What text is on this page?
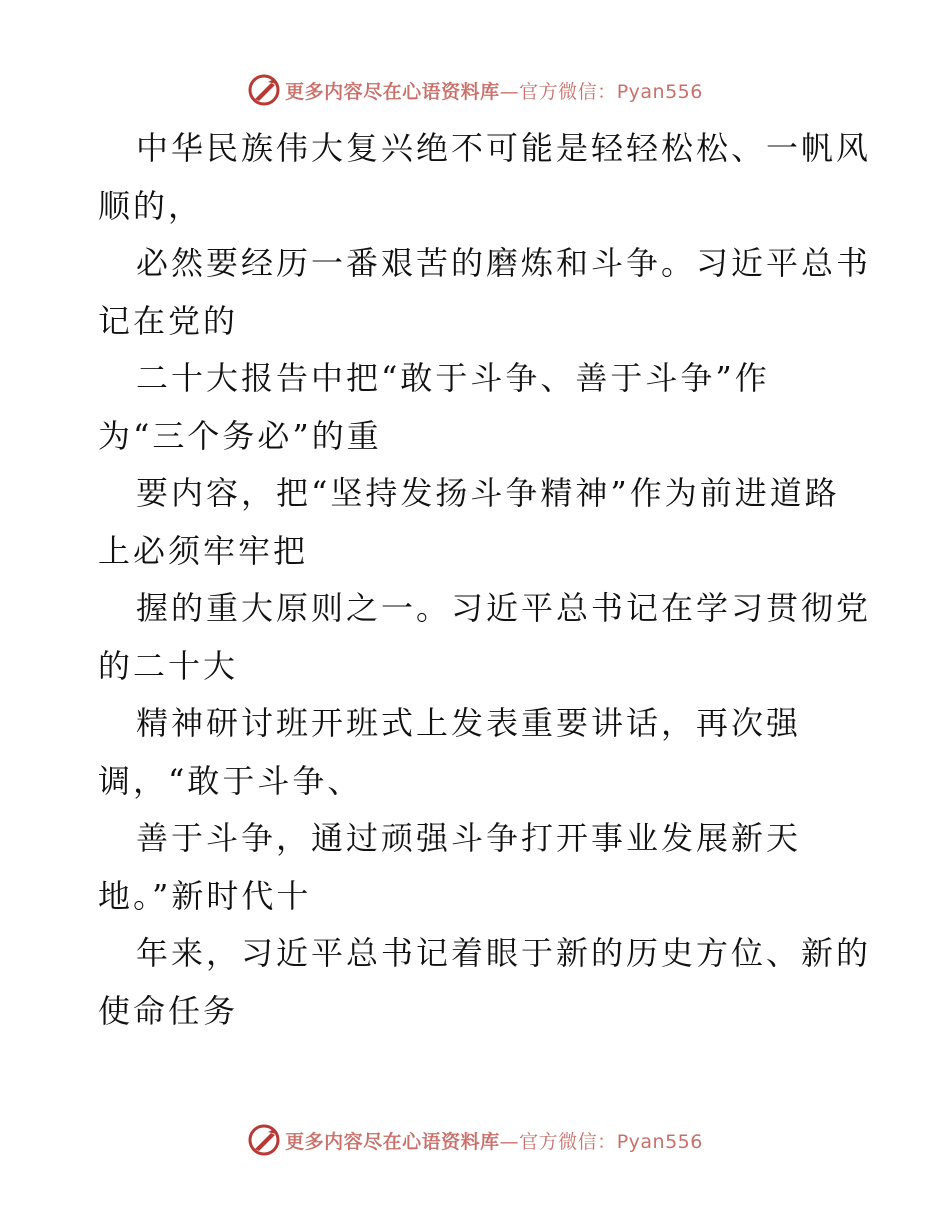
更多内容尽在心语资料库—官方微信：Pyan556
中华民族伟大复兴绝不可能是轻轻松松、一帆风
顺的，
必然要经历一番艰苦的磨炼和斗争。习近平总书
记在党的
二十大报告中把“敢于斗争、善于斗争”作
为“三个务必”的重
要内容，把“坚持发扬斗争精神”作为前进道路
上必须牢牢把
握的重大原则之一。习近平总书记在学习贯彻党
的二十大
精神研讨班开班式上发表重要讲话，再次强
调，“敢于斗争、
善于斗争，通过顽强斗争打开事业发展新天
地。”新时代十
年来，习近平总书记着眼于新的历史方位、新的
使命任务
更多内容尽在心语资料库—官方微信：Pyan556
